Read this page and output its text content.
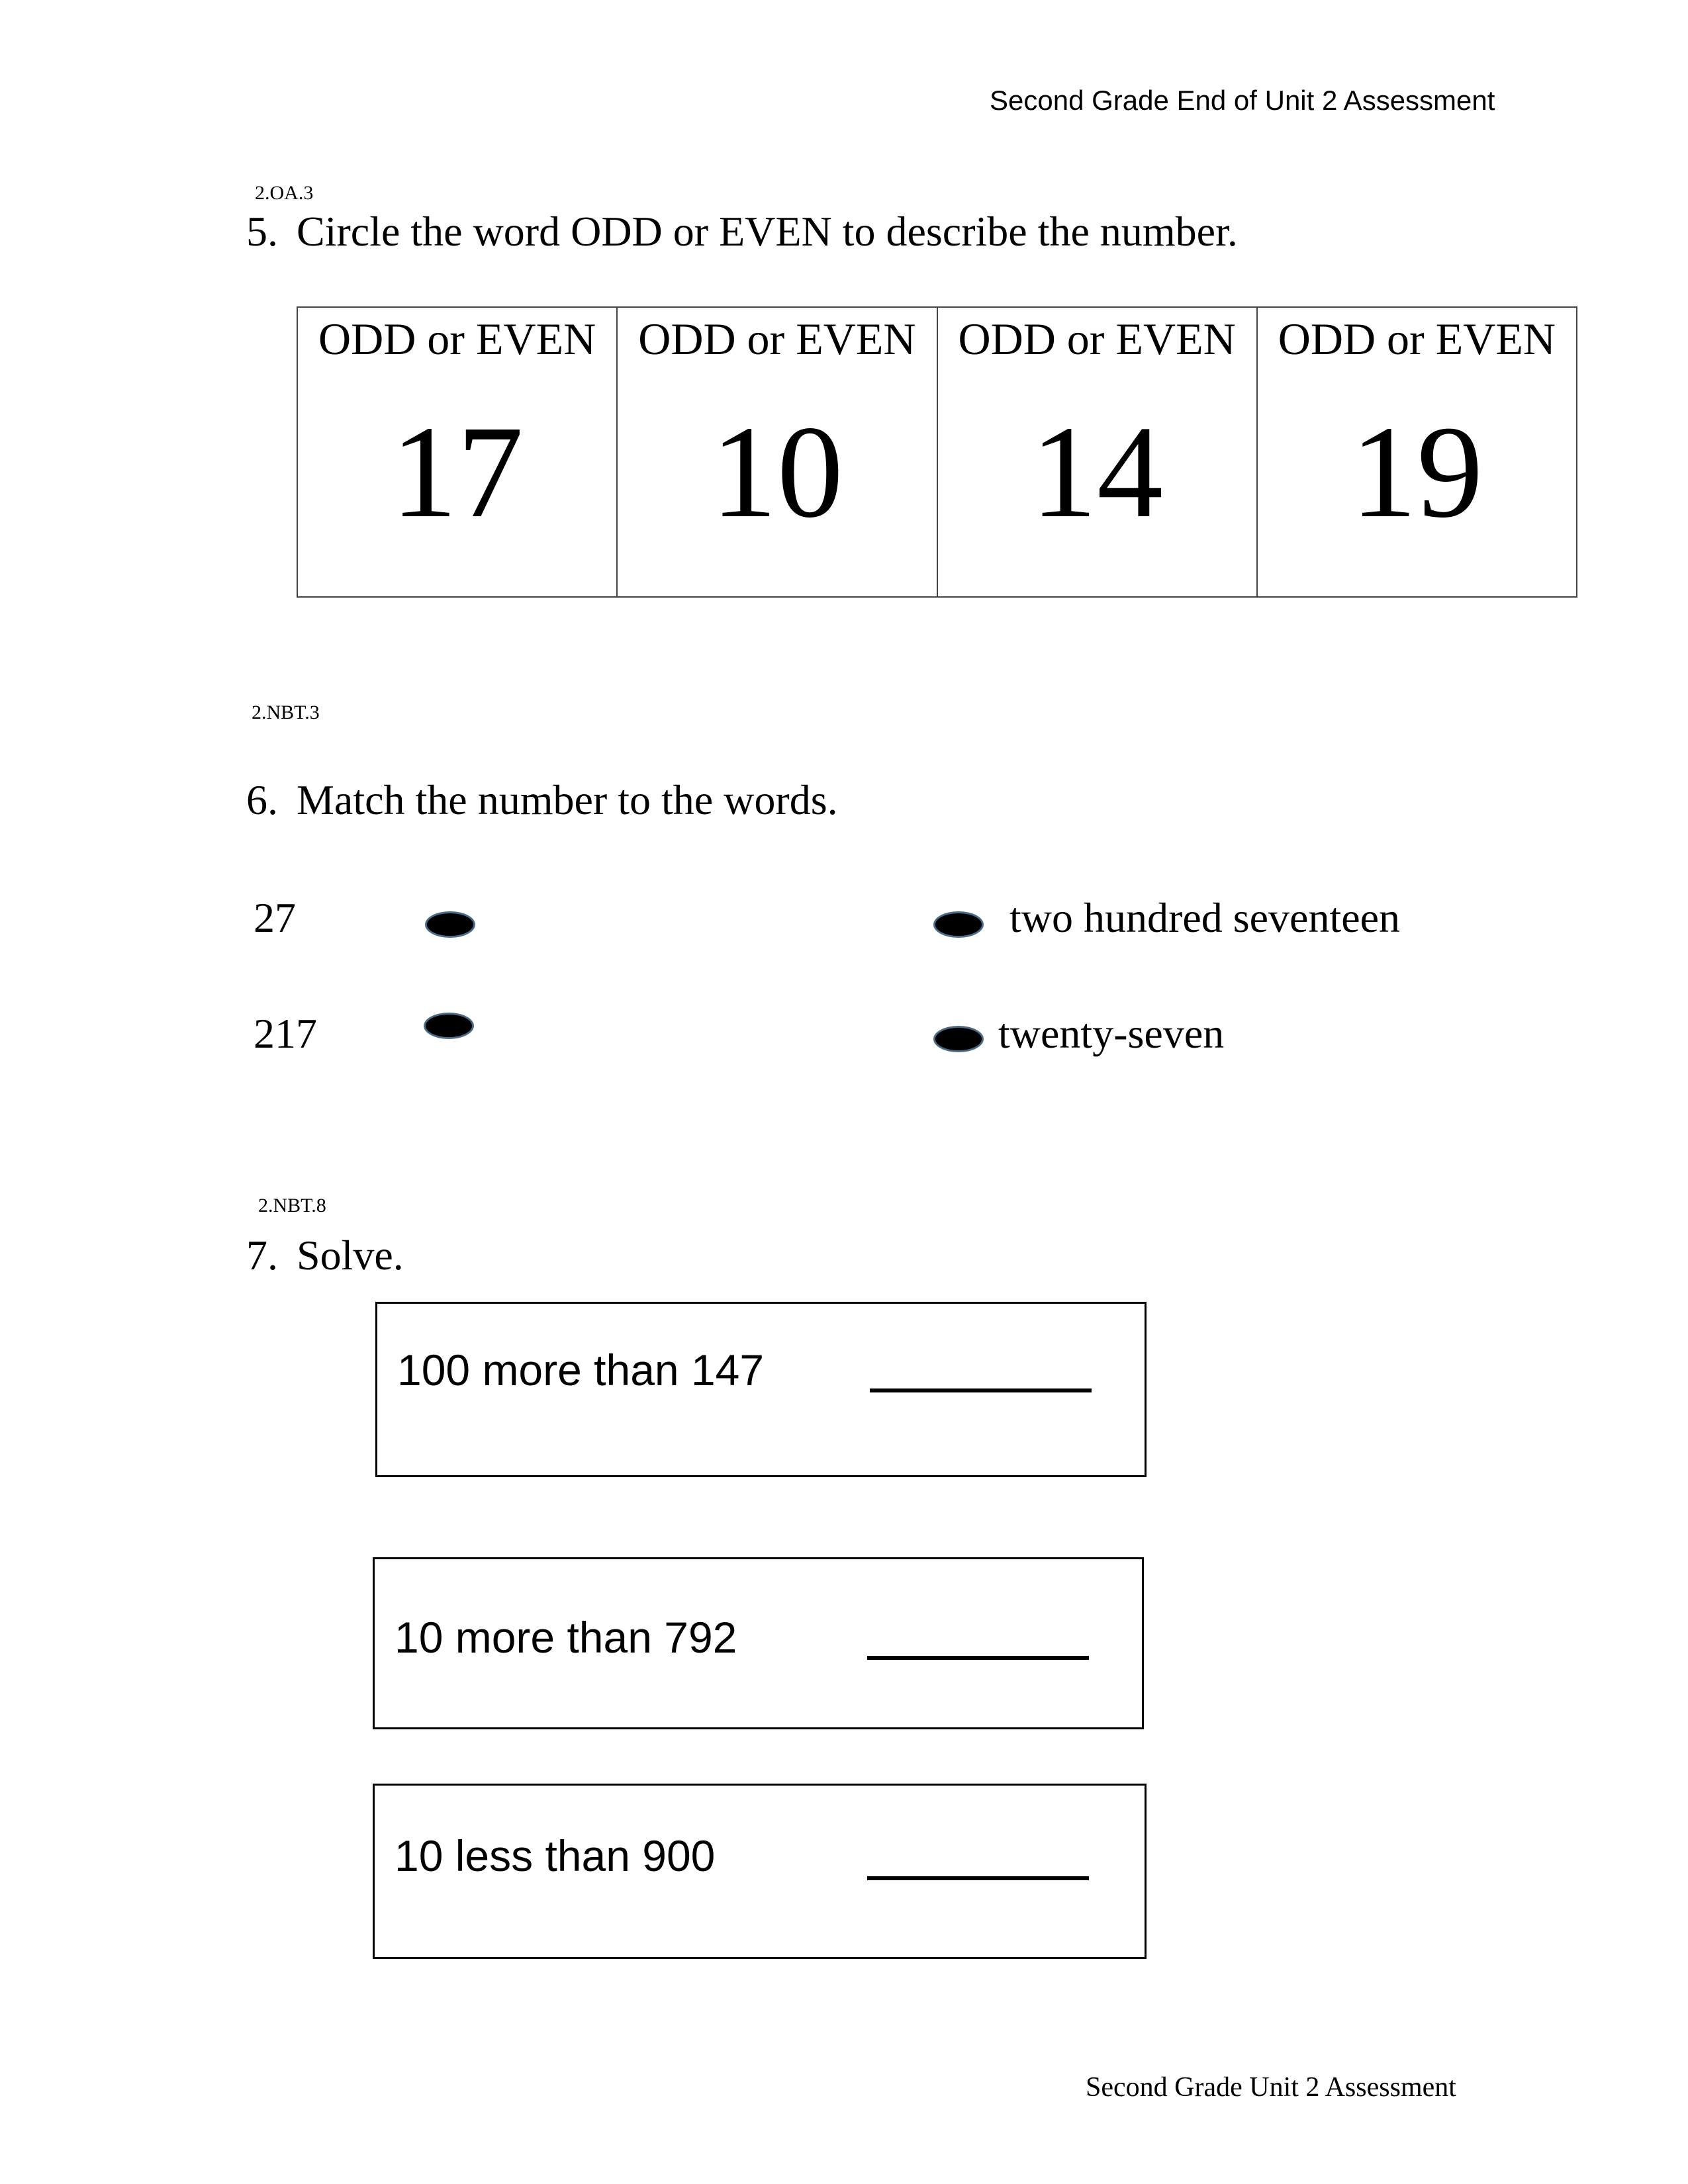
Second Grade End of Unit 2 Assessment
2.OA.3
5. Circle the word ODD or EVEN to describe the number.
ODD or EVEN
17

ODD or EVEN
10

ODD or EVEN
14

ODD or EVEN
19
2.NBT.3
6. Match the number to the words.
27	two hundred seventeen
217	twenty-seven
2.NBT.8
7. Solve.
100 more than 147
10 more than 792
10 less than 900
Second Grade Unit 2 Assessment
